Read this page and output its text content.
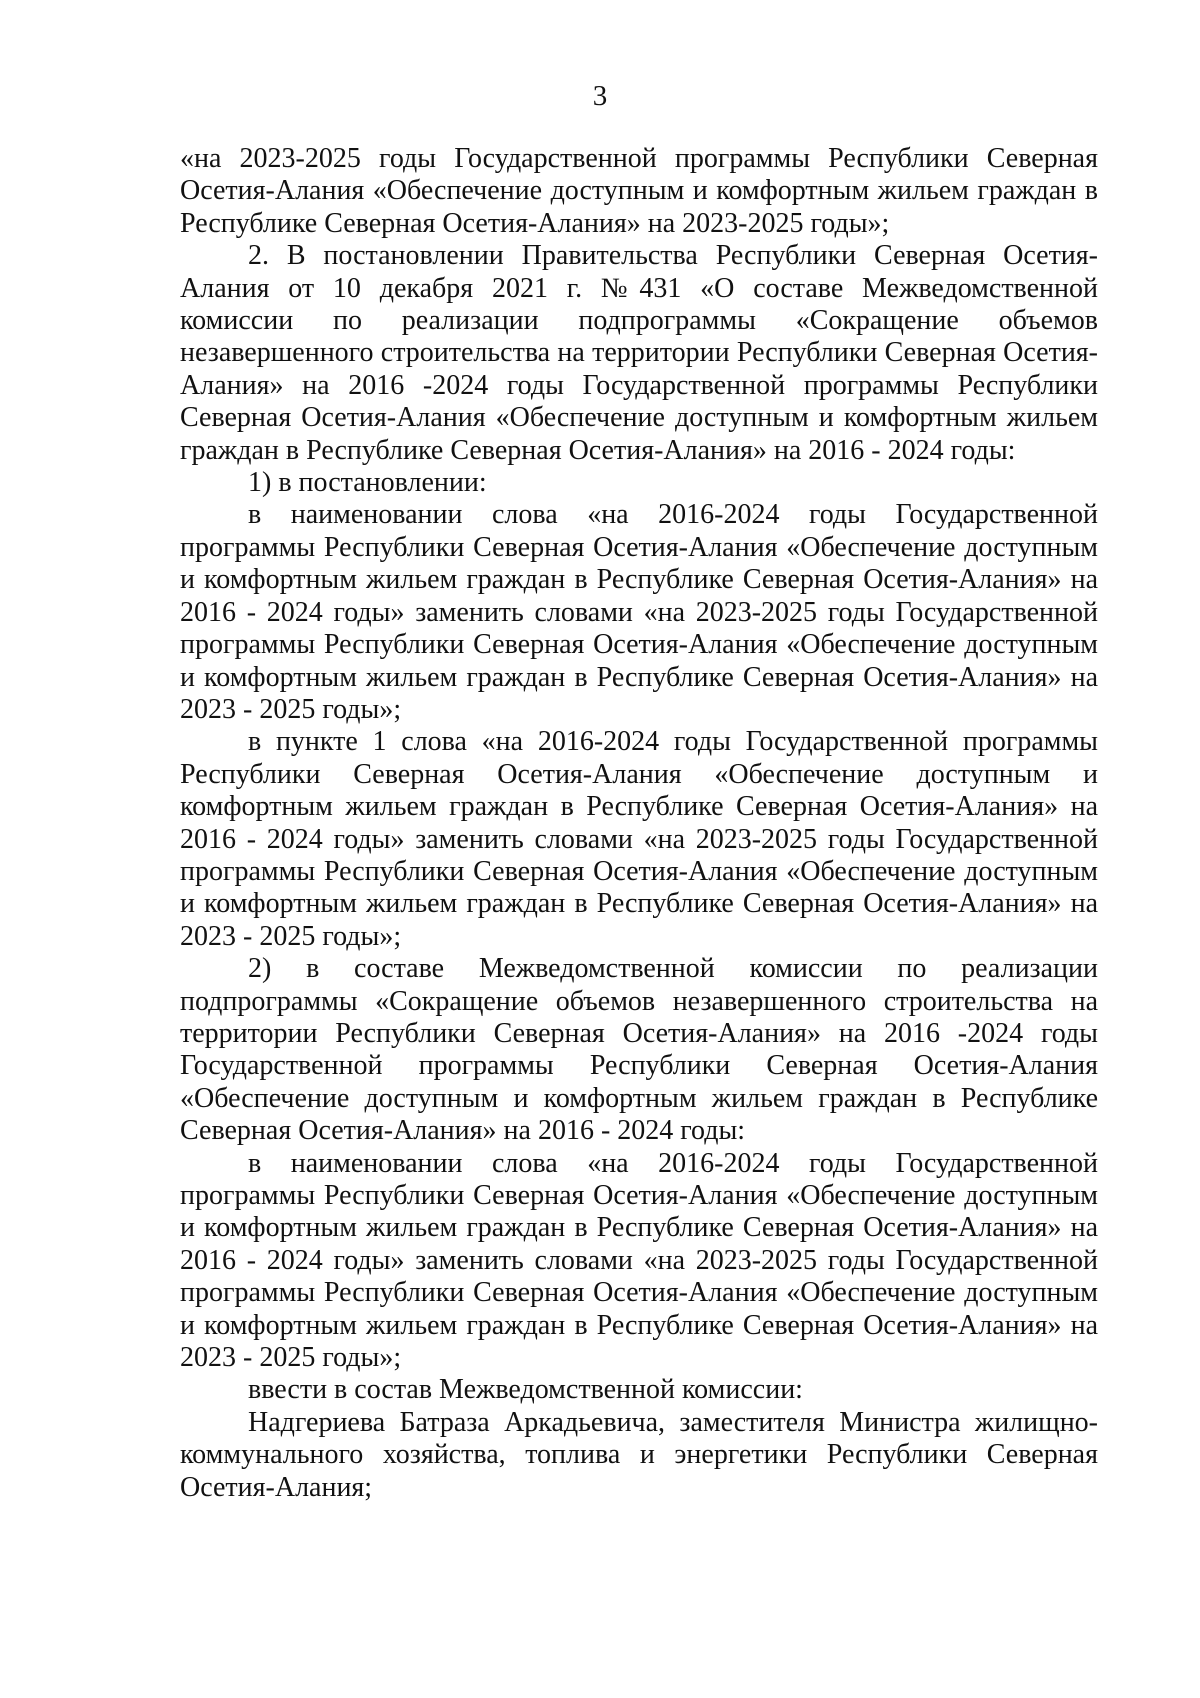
3

«на 2023-2025 годы Государственной программы Республики Северная Осетия-Алания «Обеспечение доступным и комфортным жильем граждан в Республике Северная Осетия-Алания» на 2023-2025 годы»;

2. В постановлении Правительства Республики Северная Осетия-Алания от 10 декабря 2021 г. №431 «О составе Межведомственной комиссии по реализации подпрограммы «Сокращение объемов незавершенного строительства на территории Республики Северная Осетия-Алания» на 2016 -2024 годы Государственной программы Республики Северная Осетия-Алания «Обеспечение доступным и комфортным жильем граждан в Республике Северная Осетия-Алания» на 2016 - 2024 годы:

1) в постановлении:

в наименовании слова «на 2016-2024 годы Государственной программы Республики Северная Осетия-Алания «Обеспечение доступным и комфортным жильем граждан в Республике Северная Осетия-Алания» на 2016 - 2024 годы» заменить словами «на 2023-2025 годы Государственной программы Республики Северная Осетия-Алания «Обеспечение доступным и комфортным жильем граждан в Республике Северная Осетия-Алания» на 2023 - 2025 годы»;

в пункте 1 слова «на 2016-2024 годы Государственной программы Республики Северная Осетия-Алания «Обеспечение доступным и комфортным жильем граждан в Республике Северная Осетия-Алания» на 2016 - 2024 годы» заменить словами «на 2023-2025 годы Государственной программы Республики Северная Осетия-Алания «Обеспечение доступным и комфортным жильем граждан в Республике Северная Осетия-Алания» на 2023 - 2025 годы»;

2) в составе Межведомственной комиссии по реализации подпрограммы «Сокращение объемов незавершенного строительства на территории Республики Северная Осетия-Алания» на 2016 -2024 годы Государственной программы Республики Северная Осетия-Алания «Обеспечение доступным и комфортным жильем граждан в Республике Северная Осетия-Алания» на 2016 - 2024 годы:

в наименовании слова «на 2016-2024 годы Государственной программы Республики Северная Осетия-Алания «Обеспечение доступным и комфортным жильем граждан в Республике Северная Осетия-Алания» на 2016 - 2024 годы» заменить словами «на 2023-2025 годы Государственной программы Республики Северная Осетия-Алания «Обеспечение доступным и комфортным жильем граждан в Республике Северная Осетия-Алания» на 2023 - 2025 годы»;

ввести в состав Межведомственной комиссии:

Надгериева Батраза Аркадьевича, заместителя Министра жилищно-коммунального хозяйства, топлива и энергетики Республики Северная Осетия-Алания;
